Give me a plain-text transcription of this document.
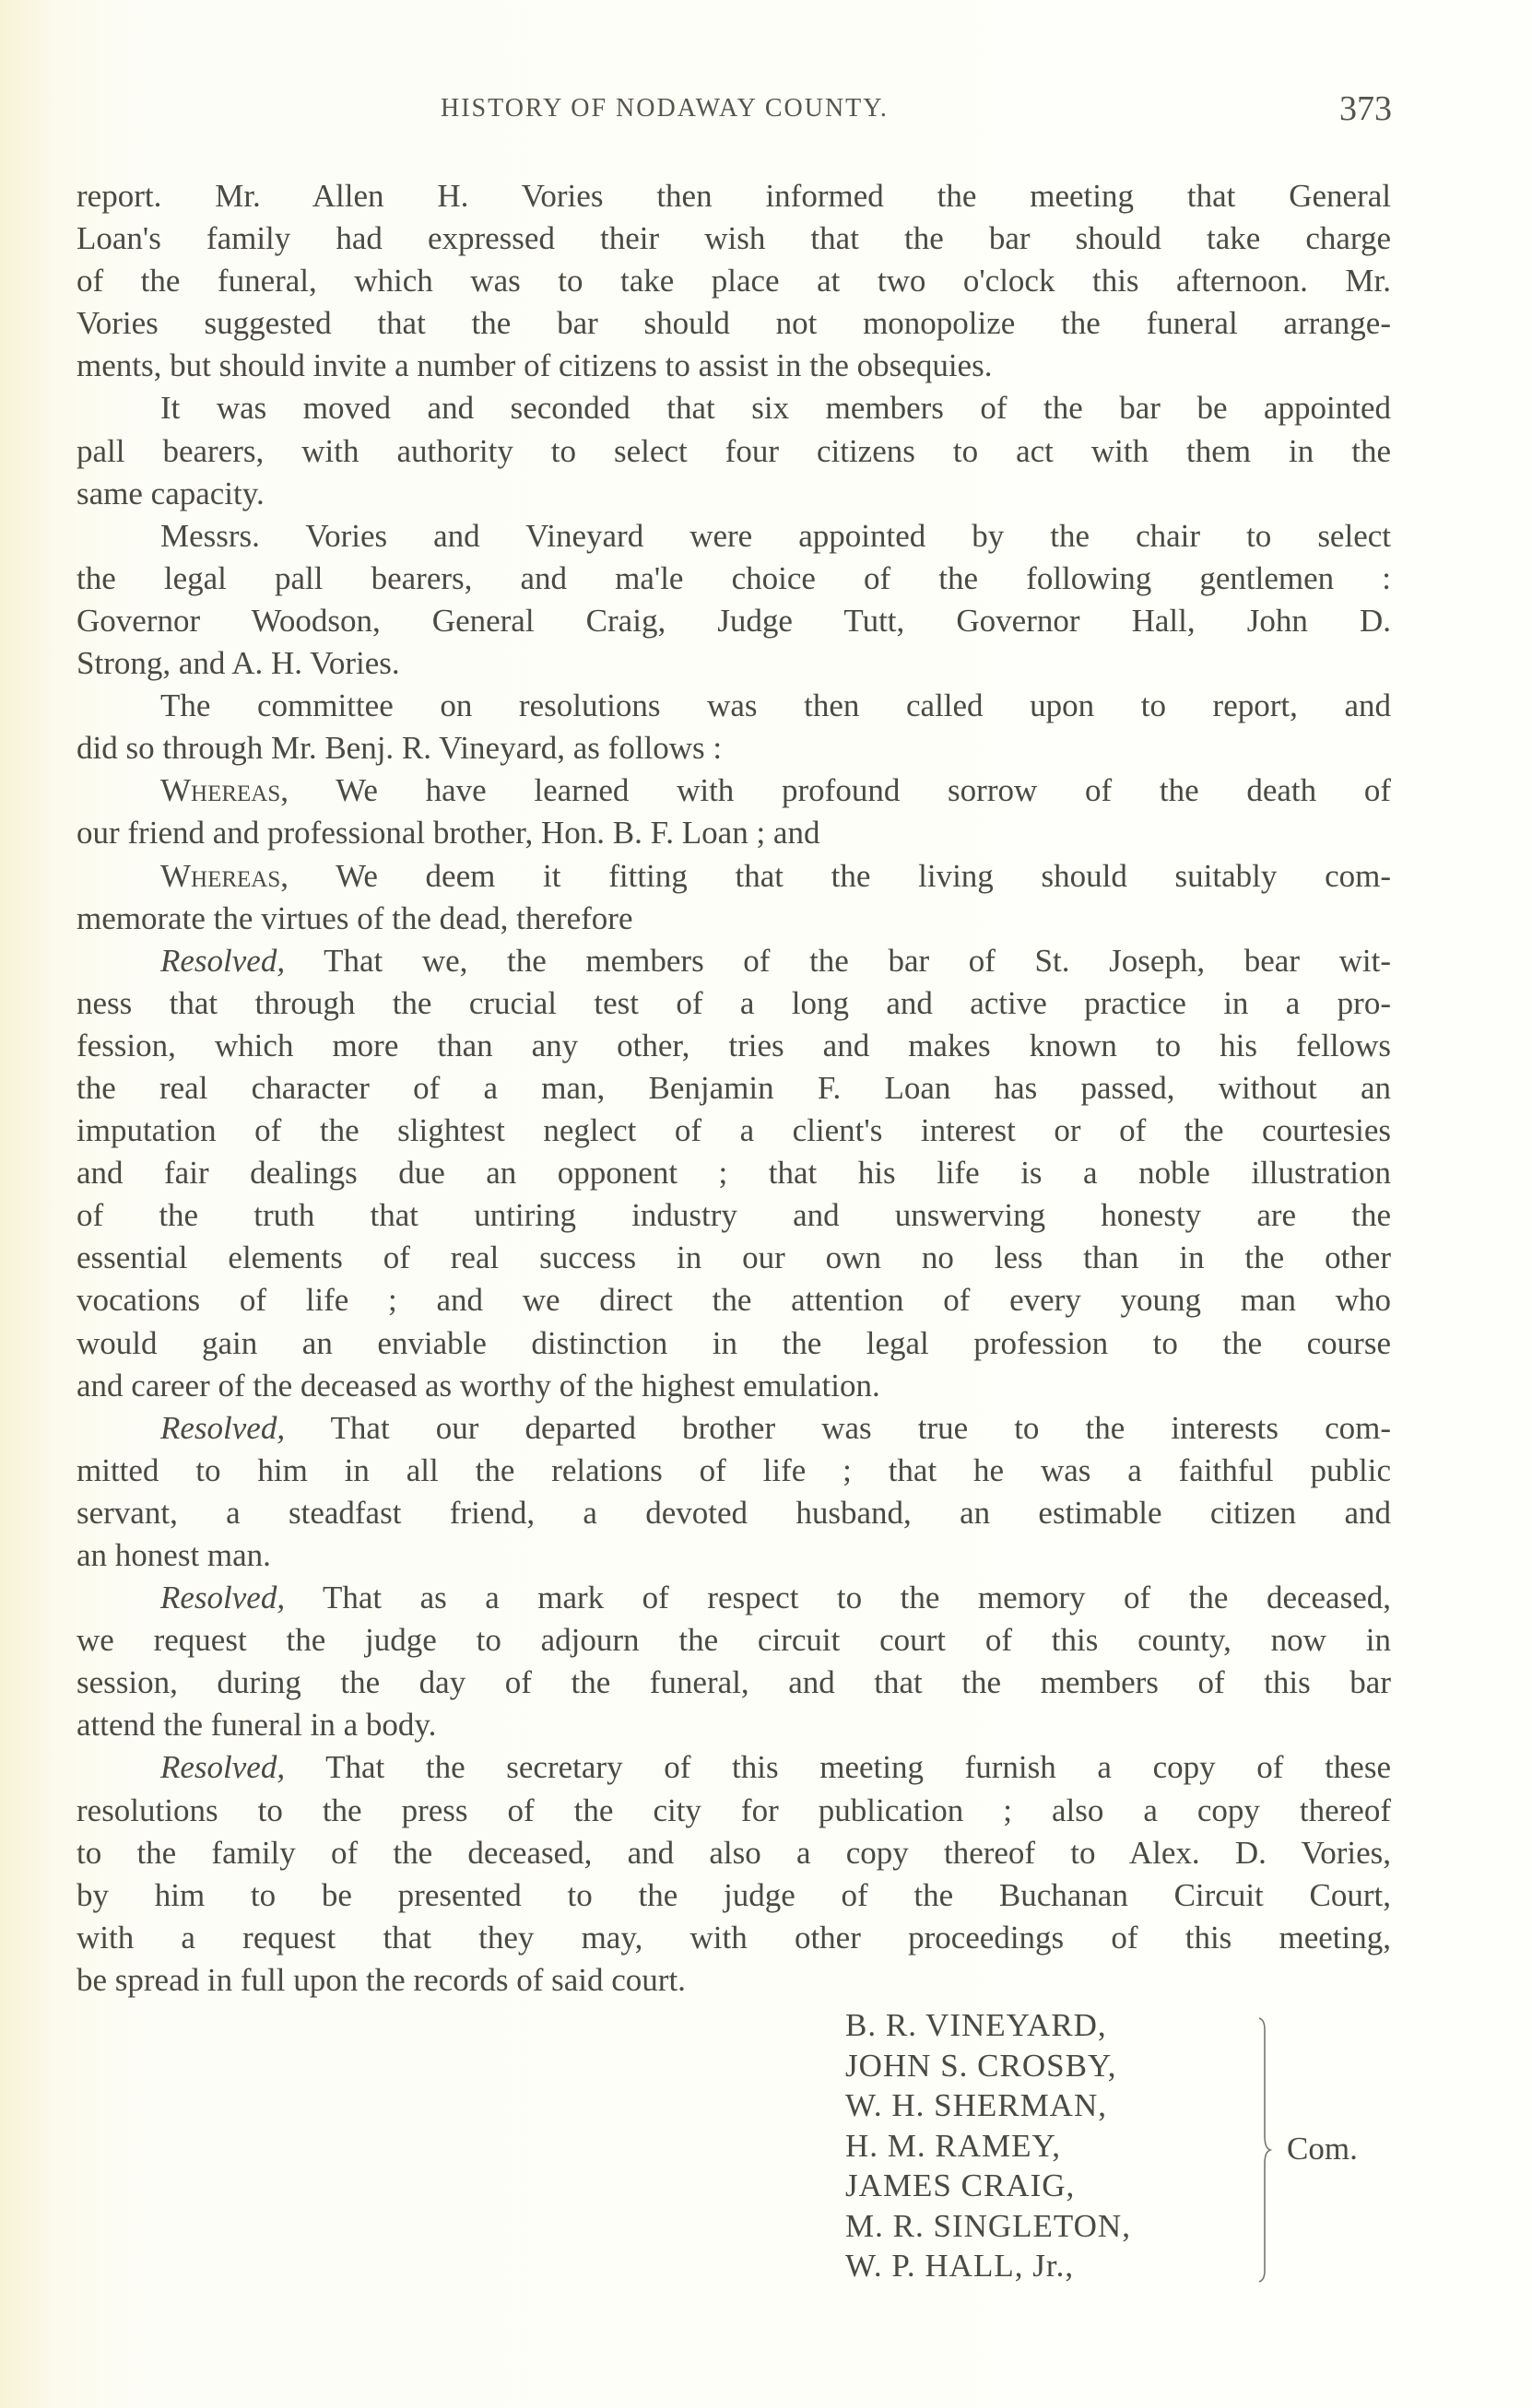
HISTORY OF NODAWAY COUNTY.	373
report. Mr. Allen H. Vories then informed the meeting that General
Loan's family had expressed their wish that the bar should take charge
of the funeral, which was to take place at two o'clock this afternoon. Mr.
Vories suggested that the bar should not monopolize the funeral arrange-
ments, but should invite a number of citizens to assist in the obsequies.
It was moved and seconded that six members of the bar be appointed
pall bearers, with authority to select four citizens to act with them in the
same capacity.
Messrs. Vories and Vineyard were appointed by the chair to select
the legal pall bearers, and ma'le choice of the following gentlemen :
Governor Woodson, General Craig, Judge Tutt, Governor Hall, John D.
Strong, and A. H. Vories.
The committee on resolutions was then called upon to report, and
did so through Mr. Benj. R. Vineyard, as follows :
Whereas, We have learned with profound sorrow of the death of
our friend and professional brother, Hon. B. F. Loan ; and
Whereas, We deem it fitting that the living should suitably com-
memorate the virtues of the dead, therefore
Resolved, That we, the members of the bar of St. Joseph, bear wit-
ness that through the crucial test of a long and active practice in a pro-
fession, which more than any other, tries and makes known to his fellows
the real character of a man, Benjamin F. Loan has passed, without an
imputation of the slightest neglect of a client's interest or of the courtesies
and fair dealings due an opponent ; that his life is a noble illustration
of the truth that untiring industry and unswerving honesty are the
essential elements of real success in our own no less than in the other
vocations of life ; and we direct the attention of every young man who
would gain an enviable distinction in the legal profession to the course
and career of the deceased as worthy of the highest emulation.
Resolved, That our departed brother was true to the interests com-
mitted to him in all the relations of life ; that he was a faithful public
servant, a steadfast friend, a devoted husband, an estimable citizen and
an honest man.
Resolved, That as a mark of respect to the memory of the deceased,
we request the judge to adjourn the circuit court of this county, now in
session, during the day of the funeral, and that the members of this bar
attend the funeral in a body.
Resolved, That the secretary of this meeting furnish a copy of these
resolutions to the press of the city for publication ; also a copy thereof
to the family of the deceased, and also a copy thereof to Alex. D. Vories,
by him to be presented to the judge of the Buchanan Circuit Court,
with a request that they may, with other proceedings of this meeting,
be spread in full upon the records of said court.
B. R. VINEYARD,
JOHN S. CROSBY,
W. H. SHERMAN,
H. M. RAMEY,
JAMES CRAIG,
M. R. SINGLETON,
W. P. HALL, Jr.,
Com.
